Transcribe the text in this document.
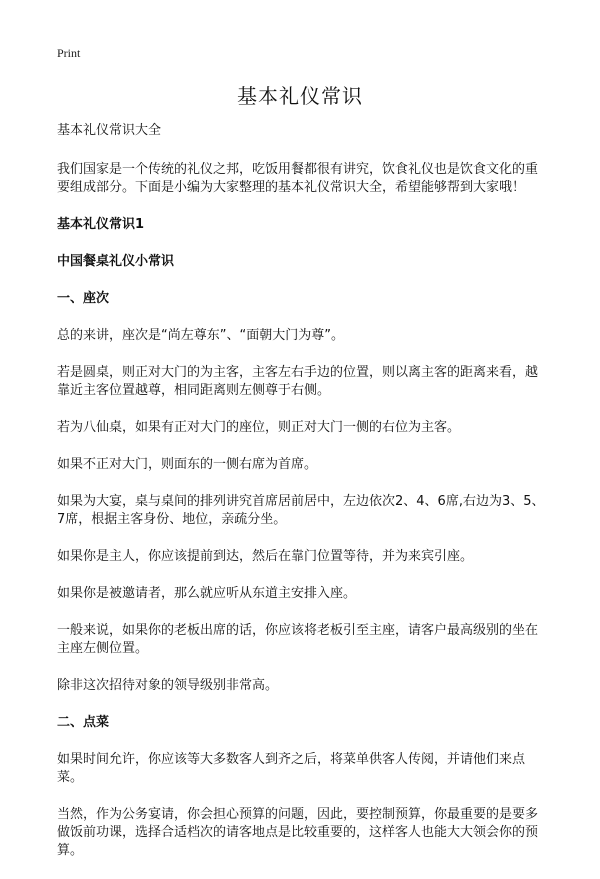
Print
基本礼仪常识

基本礼仪常识大全

我们国家是一个传统的礼仪之邦，吃饭用餐都很有讲究，饮食礼仪也是饮食文化的重要组成部分。下面是小编为大家整理的基本礼仪常识大全，希望能够帮到大家哦！

基本礼仪常识1

中国餐桌礼仪小常识

一、座次

总的来讲，座次是“尚左尊东”、“面朝大门为尊”。

若是圆桌，则正对大门的为主客，主客左右手边的位置，则以离主客的距离来看，越靠近主客位置越尊，相同距离则左侧尊于右侧。

若为八仙桌，如果有正对大门的座位，则正对大门一侧的右位为主客。

如果不正对大门，则面东的一侧右席为首席。

如果为大宴，桌与桌间的排列讲究首席居前居中，左边依次2、4、6席,右边为3、5、7席，根据主客身份、地位，亲疏分坐。

如果你是主人，你应该提前到达，然后在靠门位置等待，并为来宾引座。

如果你是被邀请者，那么就应听从东道主安排入座。

一般来说，如果你的老板出席的话，你应该将老板引至主座，请客户最高级别的坐在主座左侧位置。

除非这次招待对象的领导级别非常高。

二、点菜

如果时间允许，你应该等大多数客人到齐之后，将菜单供客人传阅，并请他们来点菜。

当然，作为公务宴请，你会担心预算的问题，因此，要控制预算，你最重要的是要多做饭前功课，选择合适档次的请客地点是比较重要的，这样客人也能大大领会你的预算。
